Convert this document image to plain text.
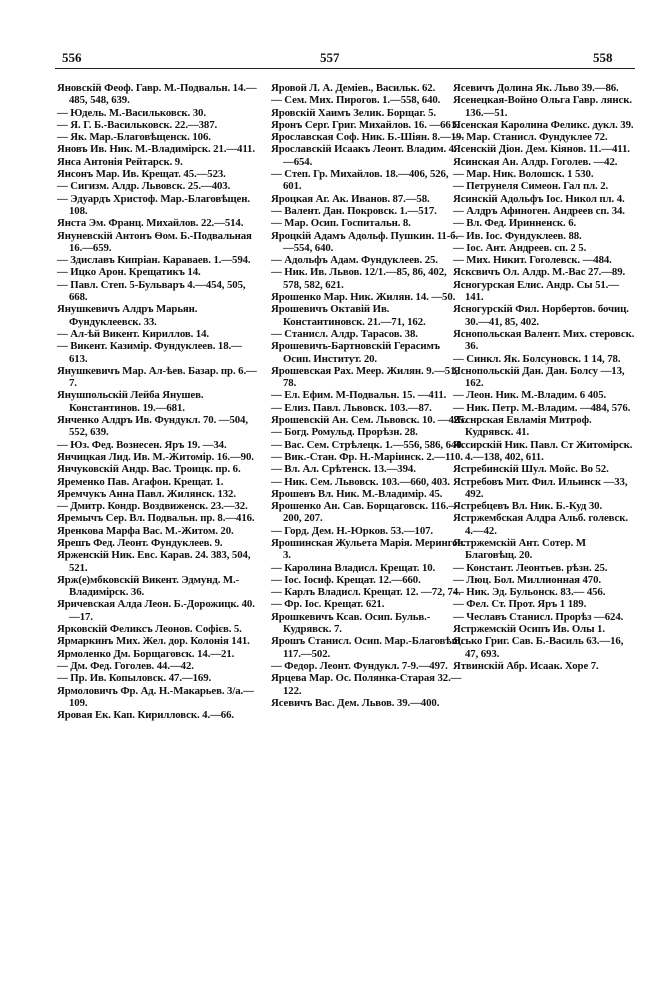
556	557	558
Яновскій Феоф. Гавр. М.-Подвальн. 14.—485, 548, 639.
— Юдель. М.-Васильковск. 30.
— Я. Г. Б.-Васильковск. 22.—387.
— Як. Мар.-Благовѣщенск. 106.
Яновъ Ив. Ник. М.-Владимірск. 21.—411.
Янса Антонія Рейтарск. 9.
Янсонъ Мар. Ив. Крещат. 45.—523.
— Сигизм. Алдр. Львовск. 25.—403.
— Эдуардъ Христоф. Мар.-Благовѣщен. 108.
Янста Эм. Франц. Михайлов. 22.—514.
Януневскій Антонъ Ѳом. Б.-Подвальная 16.—659.
— Здиславъ Кипріан. Караваев. 1.—594.
— Ицко Арон. Крещатикъ 14.
— Павл. Степ. 5-Бульваръ 4.—454, 505, 668.
Янушкевичъ Алдръ Марьян. Фундуклеевск. 33.
— Ал-ѣй Викент. Кириллов. 14.
— Викент. Казимір. Фундуклеев. 18.—613.
Янушкевичъ Мар. Ал-ѣев. Базар. пр. 6.—7.
Янушпольскій Лейба Янушев. Константинов. 19.—681.
Янченко Алдръ Ив. Фундукл. 70. —504, 552, 639.
— Юз. Фед. Вознесен. Яръ 19. —34.
Янчицкая Лид. Ив. М.-Житомір. 16.—90.
Янчуковскій Андр. Вас. Троицк. пр. 6.
Яременко Пав. Агафон. Крещат. 1.
Яремчукъ Анна Павл. Жилянск. 132.
— Дмитр. Кондр. Воздвиженск. 23.—32.
Яремычъ Сер. Вл. Подвальн. пр. 8.—416.
Яренкова Марфа Вас. М.-Житом. 20.
Ярешъ Фед. Леонт. Фундуклеев. 9.
Ярженскій Ник. Евс. Карав. 24. 383, 504, 521.
Ярж(е)мбковскій Викент. Эдмунд. М.-Владимірск. 36.
Яричевская Алда Леон. Б.-Дорожицк. 40.—17.
Ярковскій Феликсъ Леонов. Софієв. 5.
Ярмаркинъ Мих. Жел. дор. Колонія 141.
Ярмоленко Дм. Борщаговск. 14.—21.
— Дм. Фед. Гоголев. 44.—42.
— Пр. Ив. Копыловск. 47.—169.
Ярмоловичъ Фр. Ад. Н.-Макарьев. 3/а.—109.
Яровая Ек. Кап. Кирилловск. 4.—66.
Яровой Л. А. Деміев., Васильк. 62.
— Сем. Мих. Пирогов. 1.—558, 640.
Яровскій Хаимъ Зелик. Борщаг. 5.
Яронъ Серг. Григ. Михайлов. 16. —661.
Ярославская Соф. Ник. Б.-Шіян. 8.—19.
Ярославскій Исаакъ Леонт. Владим. 4.—654.
— Степ. Гр. Михайлов. 18.—406, 526, 601.
Яроцкая Аг. Ак. Иванов. 87.—58.
— Валент. Дан. Покровск. 1.—517.
— Мар. Осип. Госпитальн. 8.
Яроцкій Адамъ Адольф. Пушкин. 11-б.—554, 640.
— Адольфъ Адам. Фундуклеев. 25.
— Ник. Ив. Львов. 12/1.—85, 86, 402, 578, 582, 621.
Ярошенко Мар. Ник. Жилян. 14. —50.
Ярошевичъ Октавій Ив. Константиновск. 21.—71, 162.
— Станисл. Алдр. Тарасов. 38.
Ярошевичъ-Бартновскій Герасимъ Осип. Институт. 20.
Ярошевская Рах. Меер. Жилян. 9.—51, 78.
— Ел. Ефим. М-Подвальн. 15. —411.
— Елиз. Павл. Львовск. 103.—87.
Ярошевскій Ан. Сем. Львовск. 10. —425.
— Богд. Ромульд. Прорѣзн. 28.
— Вас. Сем. Стрѣлецк. 1.—556, 586, 640.
— Вик.-Стан. Фр. Н.-Маріинск. 2.—110.
— Вл. Ал. Срѣтенск. 13.—394.
— Ник. Сем. Львовск. 103.—660, 403.
Ярошевъ Вл. Ник. М.-Владимір. 45.
Ярошенко Ан. Сав. Борщаговск. 116.—200, 207.
— Горд. Дем. Н.-Юрков. 53.—107.
Ярошинская Жульета Марія. Мерингов. 3.
— Каролина Владисл. Крещат. 10.
— Іос. Іосиф. Крещат. 12.—660.
— Карлъ Владисл. Крещат. 12. —72, 74.
— Фр. Іос. Крещат. 621.
Ярошкевичъ Ксав. Осип. Бульв.-Кудрявск. 7.
Ярошъ Станисл. Осип. Мар.-Благовѣщ. 117.—502.
— Федор. Леонт. Фундукл. 7-9.—497.
Ярцева Мар. Ос. Полянка-Старая 32.—122.
Ясевичъ Вас. Дем. Львов. 39.—400.
Ясевичъ Долина Як. Льво 39.—86.
Ясенецкая-Войно Ольга Гавр. лянск. 136.—51.
Ясенская Каролина Феликс. дукл. 39.
— Мар. Станисл. Фундуклее 72.
Ясенскій Діон. Дем. Кіянов. 11.—411.
Ясинская Ан. Алдр. Гоголев. —42.
— Мар. Ник. Волошск. 1 530.
— Петрунеля Симеон. Гал пл. 2.
Ясинскій Адольфъ Іос. Никол пл. 4.
— Алдръ Афиноген. Андреев сп. 34.
— Вл. Фед. Иринненск. 6.
— Ив. Іос. Фундуклеев. 88.
— Іос. Ант. Андреев. сп. 2 5.
— Мих. Никит. Гоголевск. —484.
Ясксвичъ Ол. Алдр. М.-Вас 27.—89.
Ясногурская Елис. Андр. Сы 51.—141.
Ясногурскій Фил. Норбертов. бочиц. 30.—41, 85, 402.
Яснопольская Валент. Мих. стеровск. 36.
— Синкл. Як. Болсуновск. 1 14, 78.
Яснопольскій Дан. Дан. Болсу —13, 162.
— Леон. Ник. М.-Владим. 6 405.
— Ник. Петр. М.-Владим. —484, 576.
Ясснрская Евламія Митроф. Кудрявск. 41.
Яссирскій Ник. Павл. Ст Житомірск. 4.—138, 402, 611.
Ястребинскій Шул. Мойс. Во 52.
Ястребовъ Мит. Фил. Ильинск —33, 492.
Ястребцевъ Вл. Ник. Б.-Куд 30.
Ястржембская Алдра Альб. голевск. 4.—42.
Ястржемскій Ант. Сотер. М Благовѣщ. 20.
— Констант. Леонтьев. рѣзн. 25.
— Люц. Бол. Миллионная 470.
— Ник. Эд. Бульонск. 83.— 456.
— Фел. Ст. Прот. Яръ 1 189.
— Чеславъ Станисл. Прорѣз —624.
Ястржемскій Осипъ Ив. Олы 1.
Ясько Григ. Сав. Б.-Василь 63.—16, 47, 693.
Ятвинскій Абр. Исаак. Хоре 7.
